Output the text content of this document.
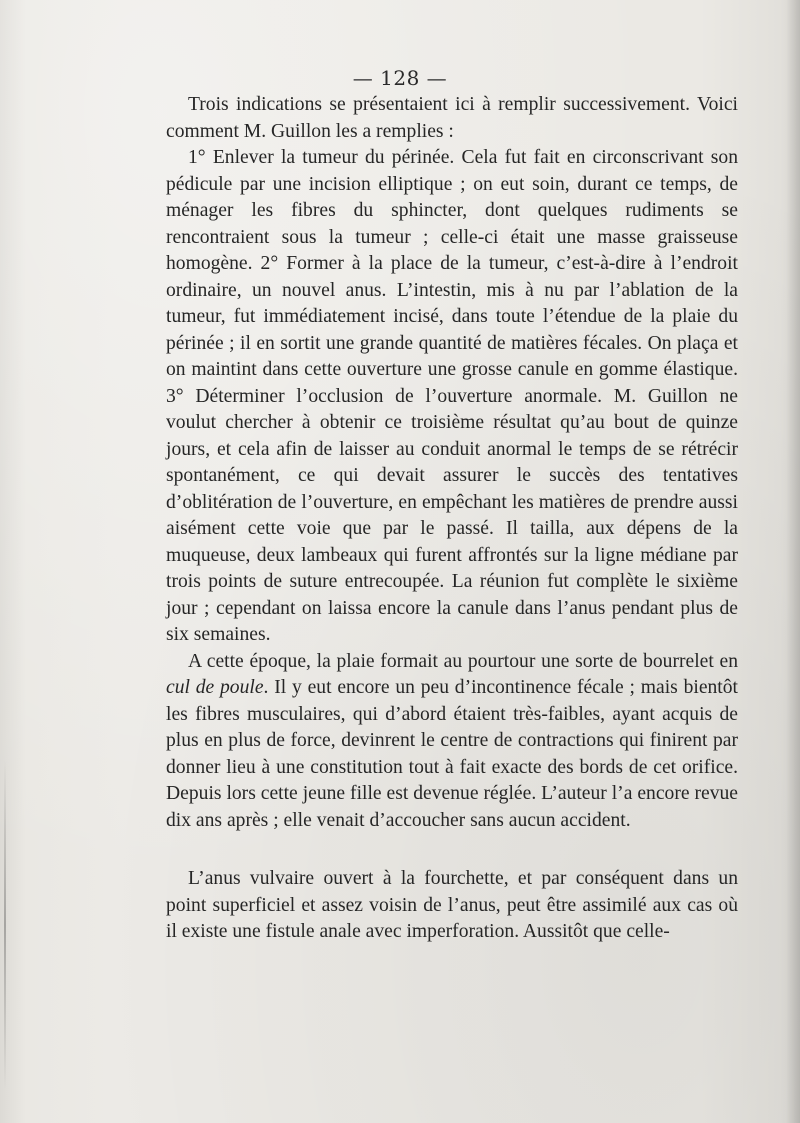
— 128 —

Trois indications se présentaient ici à remplir successivement. Voici comment M. Guillon les a remplies :

1° Enlever la tumeur du périnée. Cela fut fait en circonscrivant son pédicule par une incision elliptique ; on eut soin, durant ce temps, de ménager les fibres du sphincter, dont quelques rudiments se rencontraient sous la tumeur ; celle-ci était une masse graisseuse homogène. 2° Former à la place de la tumeur, c’est-à-dire à l’endroit ordinaire, un nouvel anus. L’intestin, mis à nu par l’ablation de la tumeur, fut immédiatement incisé, dans toute l’étendue de la plaie du périnée ; il en sortit une grande quantité de matières fécales. On plaça et on maintint dans cette ouverture une grosse canule en gomme élastique. 3° Déterminer l’occlusion de l’ouverture anormale. M. Guillon ne voulut chercher à obtenir ce troisième résultat qu’au bout de quinze jours, et cela afin de laisser au conduit anormal le temps de se rétrécir spontanément, ce qui devait assurer le succès des tentatives d’oblitération de l’ouverture, en empêchant les matières de prendre aussi aisément cette voie que par le passé. Il tailla, aux dépens de la muqueuse, deux lambeaux qui furent affrontés sur la ligne médiane par trois points de suture entrecoupée. La réunion fut complète le sixième jour ; cependant on laissa encore la canule dans l’anus pendant plus de six semaines.

A cette époque, la plaie formait au pourtour une sorte de bourrelet en cul de poule. Il y eut encore un peu d’incontinence fécale ; mais bientôt les fibres musculaires, qui d’abord étaient très-faibles, ayant acquis de plus en plus de force, devinrent le centre de contractions qui finirent par donner lieu à une constitution tout à fait exacte des bords de cet orifice. Depuis lors cette jeune fille est devenue réglée. L’auteur l’a encore revue dix ans après ; elle venait d’accoucher sans aucun accident.

L’anus vulvaire ouvert à la fourchette, et par conséquent dans un point superficiel et assez voisin de l’anus, peut être assimilé aux cas où il existe une fistule anale avec imperforation. Aussitôt que celle-
